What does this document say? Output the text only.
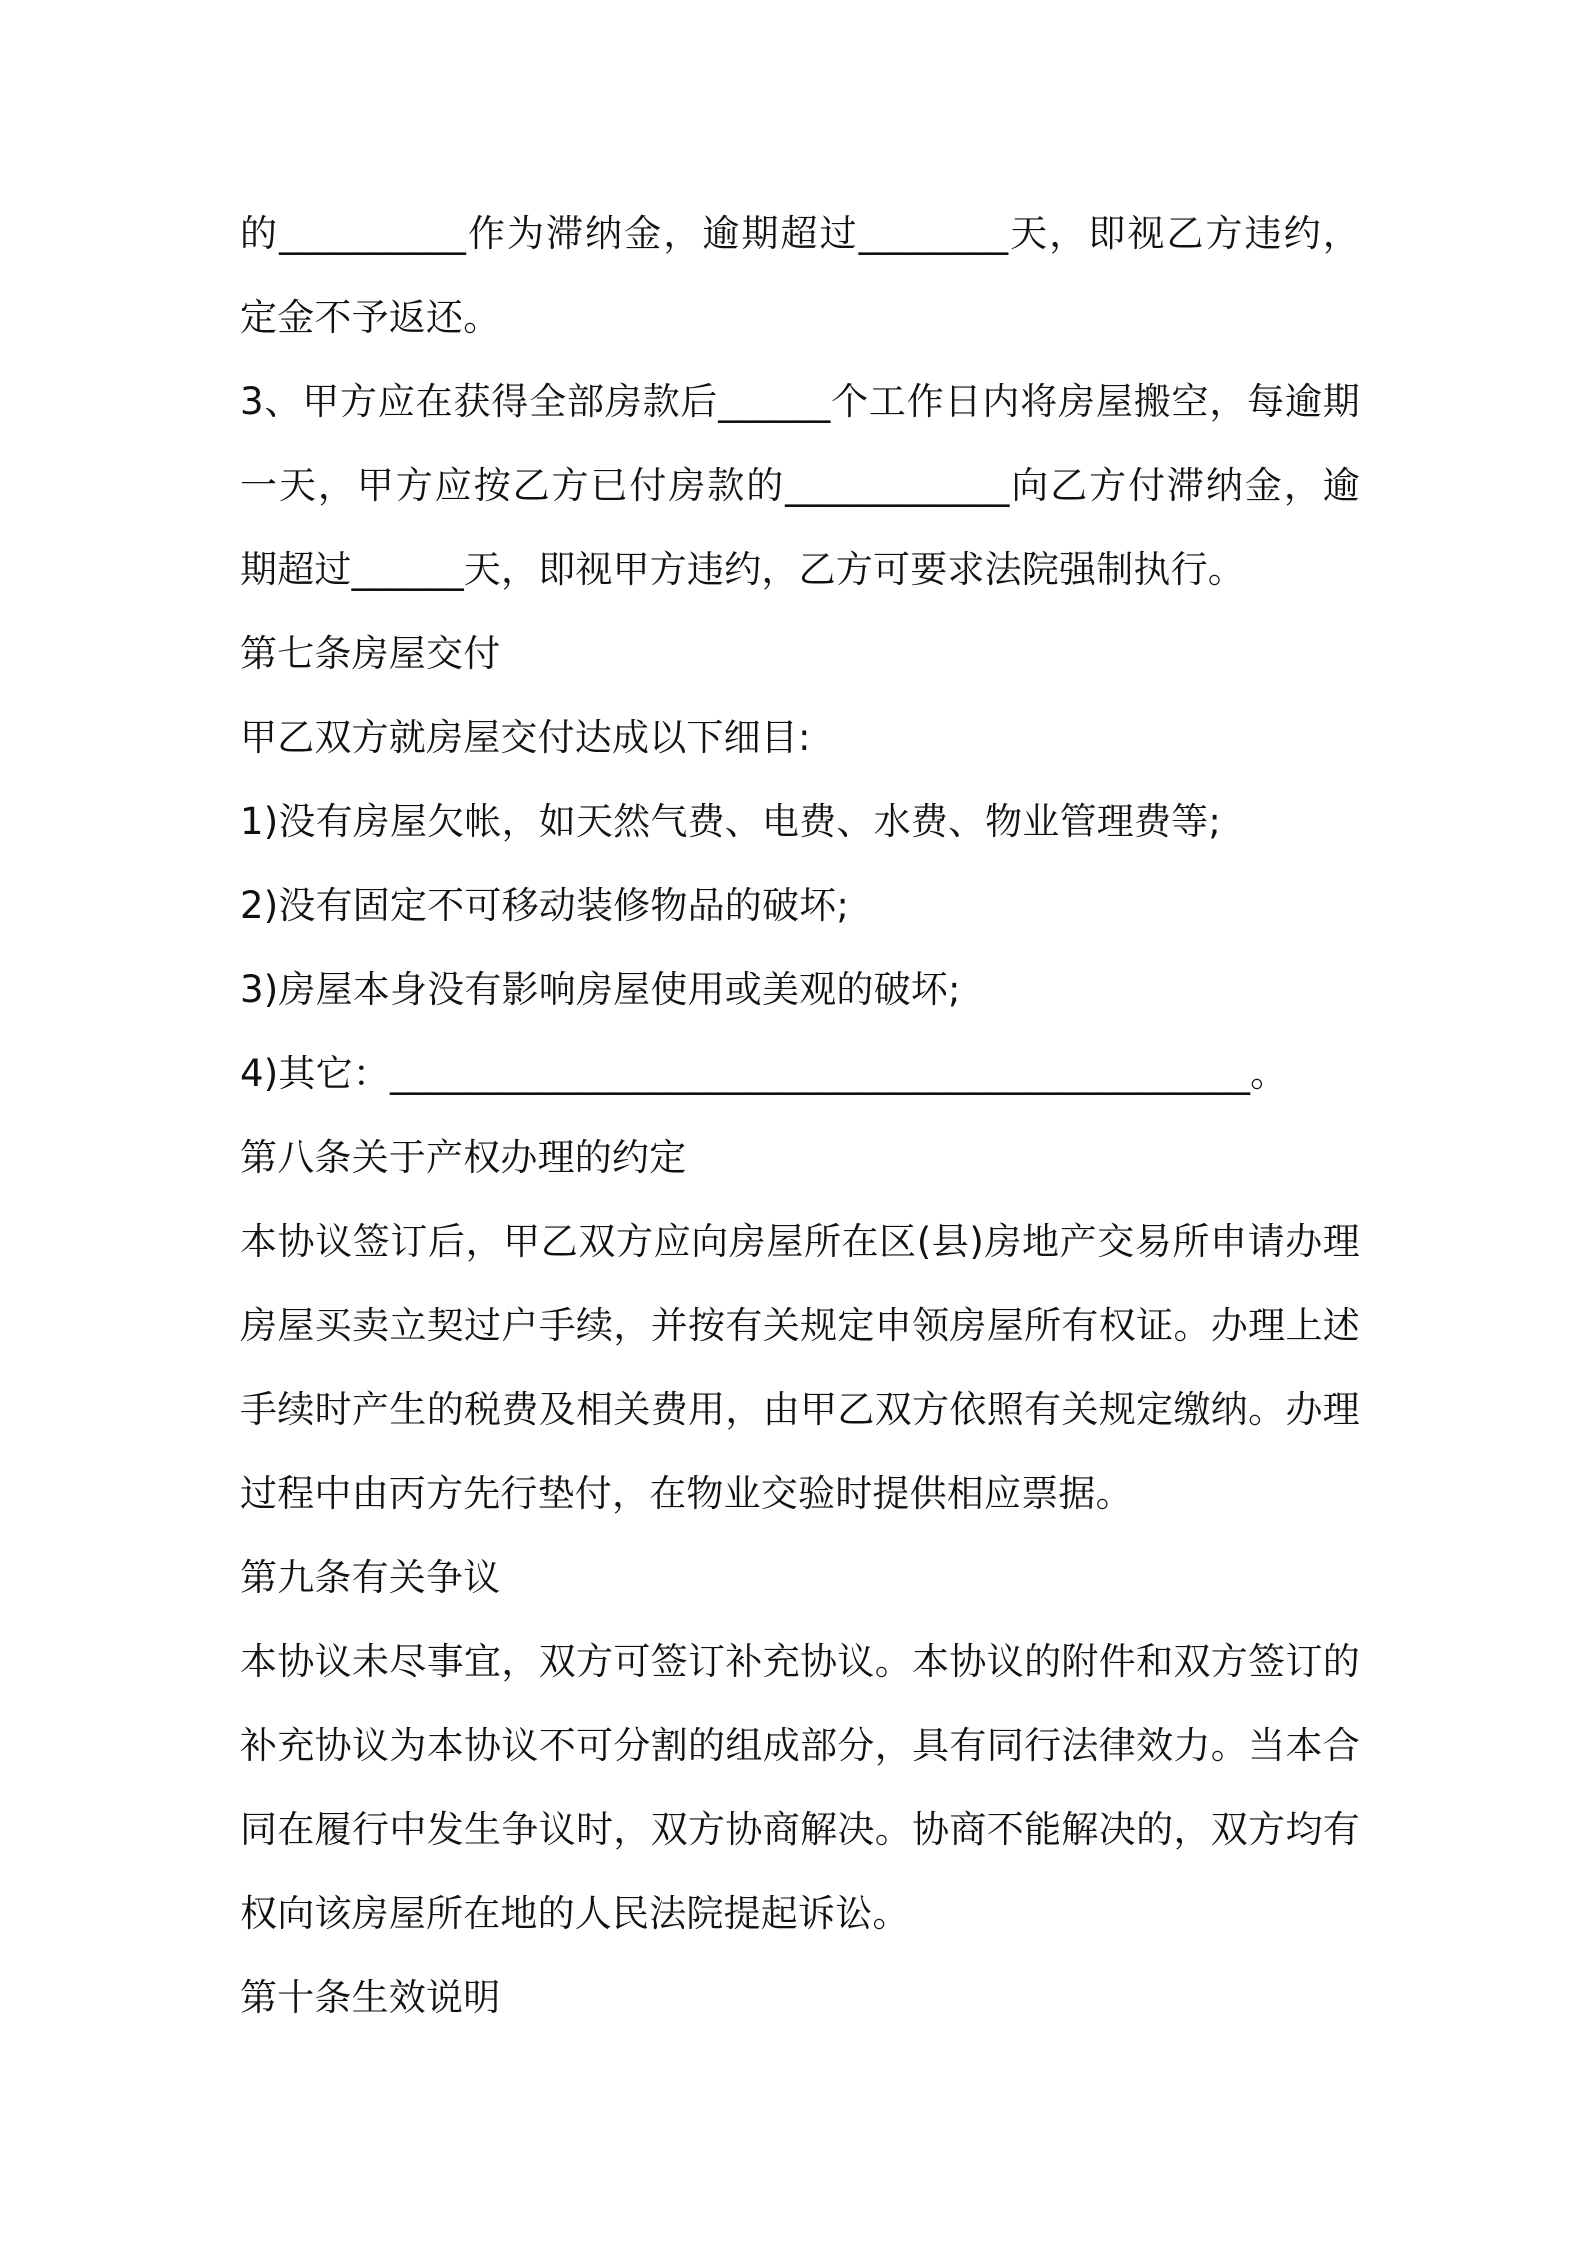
的__________作为滞纳金，逾期超过________天，即视乙方违约，
定金不予返还。
3、甲方应在获得全部房款后______个工作日内将房屋搬空，每逾期
一天，甲方应按乙方已付房款的____________向乙方付滞纳金，逾
期超过______天，即视甲方违约，乙方可要求法院强制执行。
第七条房屋交付
甲乙双方就房屋交付达成以下细目:
1)没有房屋欠帐，如天然气费、电费、水费、物业管理费等;
2)没有固定不可移动装修物品的破坏;
3)房屋本身没有影响房屋使用或美观的破坏;
4)其它：______________________________________________。
第八条关于产权办理的约定
本协议签订后，甲乙双方应向房屋所在区(县)房地产交易所申请办理
房屋买卖立契过户手续，并按有关规定申领房屋所有权证。办理上述
手续时产生的税费及相关费用，由甲乙双方依照有关规定缴纳。办理
过程中由丙方先行垫付，在物业交验时提供相应票据。
第九条有关争议
本协议未尽事宜，双方可签订补充协议。本协议的附件和双方签订的
补充协议为本协议不可分割的组成部分，具有同行法律效力。当本合
同在履行中发生争议时，双方协商解决。协商不能解决的，双方均有
权向该房屋所在地的人民法院提起诉讼。
第十条生效说明
